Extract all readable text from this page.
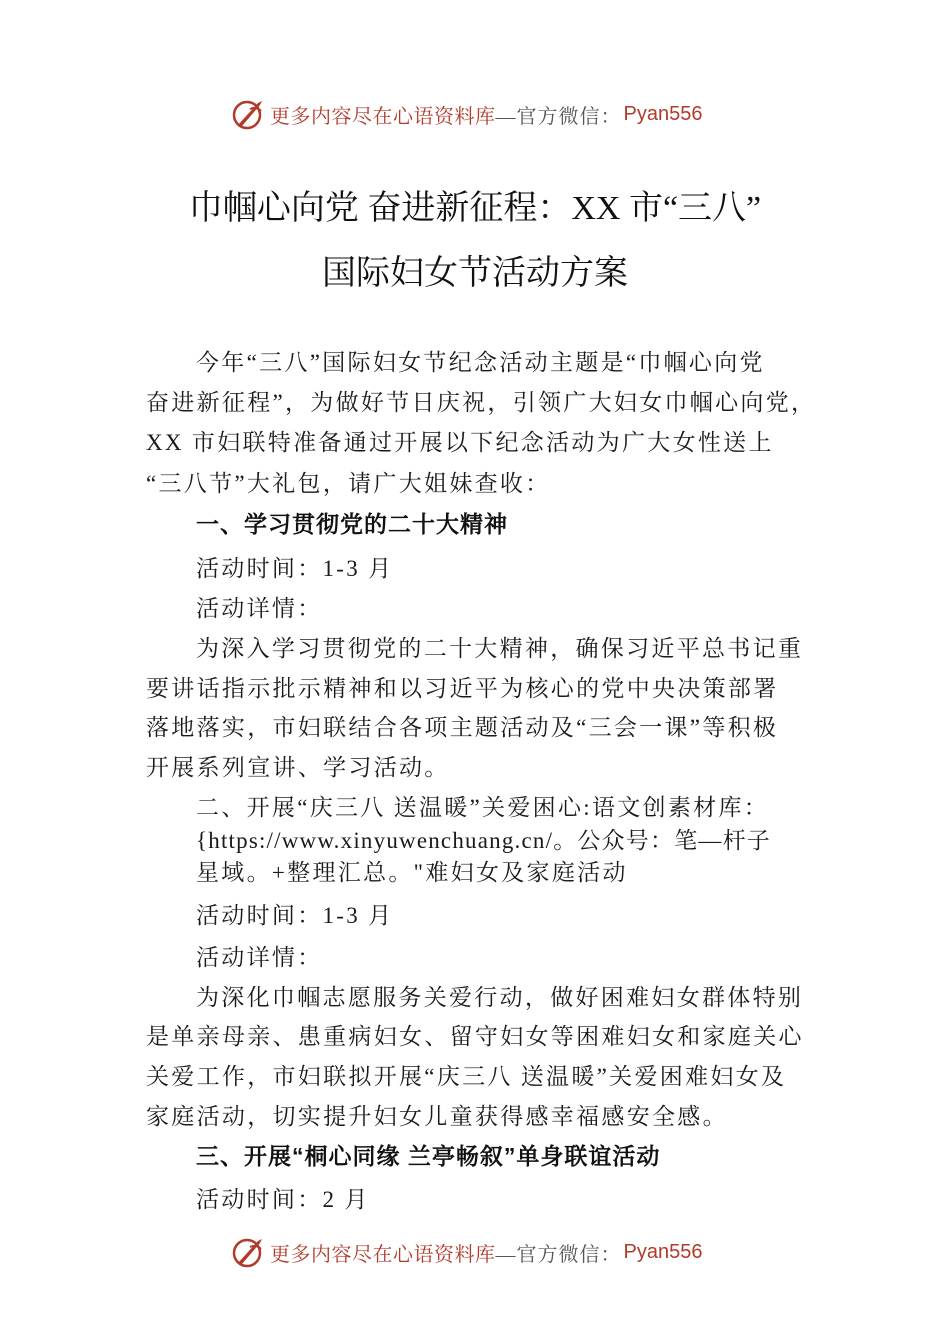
更多内容尽在心语资料库 —官方微信： Pyan556
巾帼心向党 奋进新征程：XX 市“三八”
国际妇女节活动方案
今年“三八”国际妇女节纪念活动主题是“巾帼心向党
奋进新征程”，为做好节日庆祝，引领广大妇女巾帼心向党，
XX 市妇联特准备通过开展以下纪念活动为广大女性送上
“三八节”大礼包，请广大姐妹查收：
一、学习贯彻党的二十大精神
活动时间：1-3 月
活动详情：
为深入学习贯彻党的二十大精神，确保习近平总书记重
要讲话指示批示精神和以习近平为核心的党中央决策部署
落地落实，市妇联结合各项主题活动及“三会一课”等积极
开展系列宣讲、学习活动。
二、开展“庆三八 送温暖”关爱困心:语文创素材库：
{https://www.xinyuwenchuang.cn/。公众号：笔—杆子
星域。+整理汇总。"难妇女及家庭活动
活动时间：1-3 月
活动详情：
为深化巾帼志愿服务关爱行动，做好困难妇女群体特别
是单亲母亲、患重病妇女、留守妇女等困难妇女和家庭关心
关爱工作，市妇联拟开展“庆三八 送温暖”关爱困难妇女及
家庭活动，切实提升妇女儿童获得感幸福感安全感。
三、开展“桐心同缘 兰亭畅叙”单身联谊活动
活动时间：2 月
更多内容尽在心语资料库 —官方微信： Pyan556
